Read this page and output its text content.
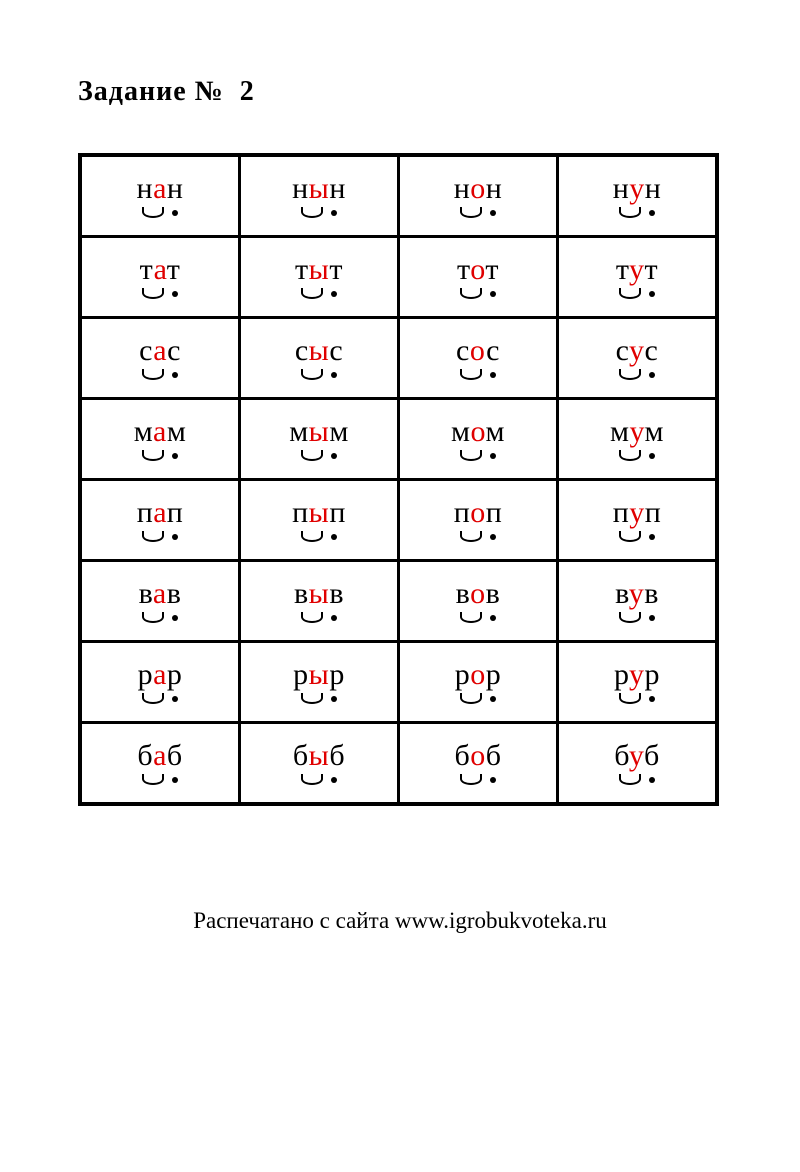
Задание №  2
нан	нын	нон	нун

тат	тыт	тот	тут

сас	сыс	сос	сус

мам	мым	мом	мум

пап	пып	поп	пуп

вав	выв	вов	вув

рар	рыр	рор	рур

баб	быб	боб	буб
Распечатано с сайта www.igrobukvoteka.ru
